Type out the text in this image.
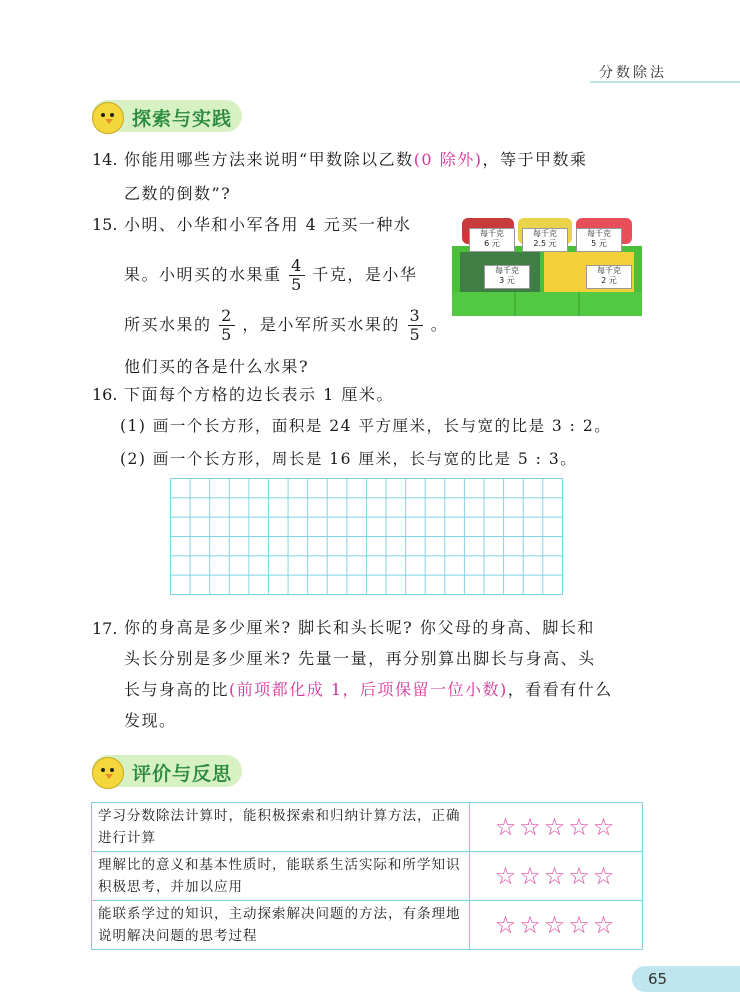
分数除法
探索与实践
14. 你能用哪些方法来说明“甲数除以乙数(0 除外)，等于甲数乘
乙数的倒数”?
15. 小明、小华和小军各用 4 元买一种水
果。小明买的水果重 $\frac{4}{5}$ 千克，是小华
所买水果的 $\frac{2}{5}$ ，是小军所买水果的 $\frac{3}{5}$ 。
他们买的各是什么水果?
每千克
6 元
每千克
2.5 元
每千克
5 元
每千克
3 元
每千克
2 元
16. 下面每个方格的边长表示 1 厘米。
(1) 画一个长方形，面积是 24 平方厘米，长与宽的比是 3 : 2。
(2) 画一个长方形，周长是 16 厘米，长与宽的比是 5 : 3。
17. 你的身高是多少厘米? 脚长和头长呢? 你父母的身高、脚长和
头长分别是多少厘米? 先量一量，再分别算出脚长与身高、头
长与身高的比(前项都化成 1，后项保留一位小数)，看看有什么
发现。
评价与反思
学习分数除法计算时，能积极探索和归纳计算方法，正确进行计算	☆☆☆☆☆
理解比的意义和基本性质时，能联系生活实际和所学知识积极思考，并加以应用	☆☆☆☆☆
能联系学过的知识，主动探索解决问题的方法，有条理地说明解决问题的思考过程	☆☆☆☆☆
65
